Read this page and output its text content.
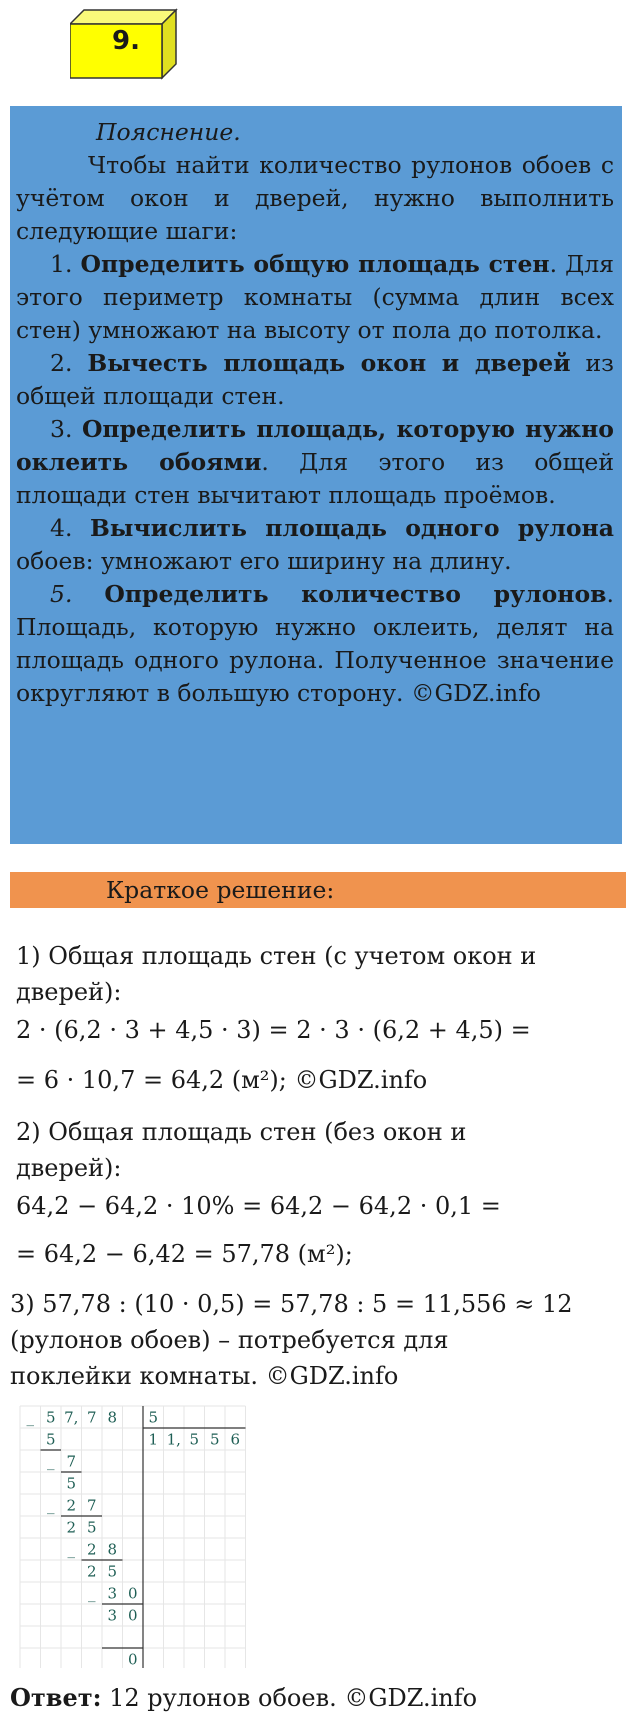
9.

Пояснение.

Чтобы найти количество рулонов обоев с учётом окон и дверей, нужно выполнить следующие шаги:

1. Определить общую площадь стен. Для этого периметр комнаты (сумма длин всех стен) умножают на высоту от пола до потолка.

2. Вычесть площадь окон и дверей из общей площади стен.

3. Определить площадь, которую нужно оклеить обоями. Для этого из общей площади стен вычитают площадь проёмов.

4. Вычислить площадь одного рулона обоев: умножают его ширину на длину.

5. Определить количество рулонов. Площадь, которую нужно оклеить, делят на площадь одного рулона. Полученное значение округляют в большую сторону. ©GDZ.info

Краткое решение:

1) Общая площадь стен (с учетом окон и

дверей):

2 · (6,2 · 3 + 4,5 · 3) = 2 · 3 · (6,2 + 4,5) =

= 6 · 10,7 = 64,2 (м²); ©GDZ.info

2) Общая площадь стен (без окон и

дверей):

64,2 − 64,2 · 10% = 64,2 − 64,2 · 0,1 =

= 64,2 − 6,42 = 57,78 (м²);

3) 57,78 : (10 · 0,5) = 57,78 : 5 = 11,556 ≈ 12

(рулонов обоев) – потребуется для

поклейки комнаты. ©GDZ.info

5 7, 7 8 5
1 1, 5 5 6
5
7
5
2 7
2 5
2 8
2 5
3 0
3 0
0
_
_
_
_
_
Ответ: 12 рулонов обоев. ©GDZ.info
